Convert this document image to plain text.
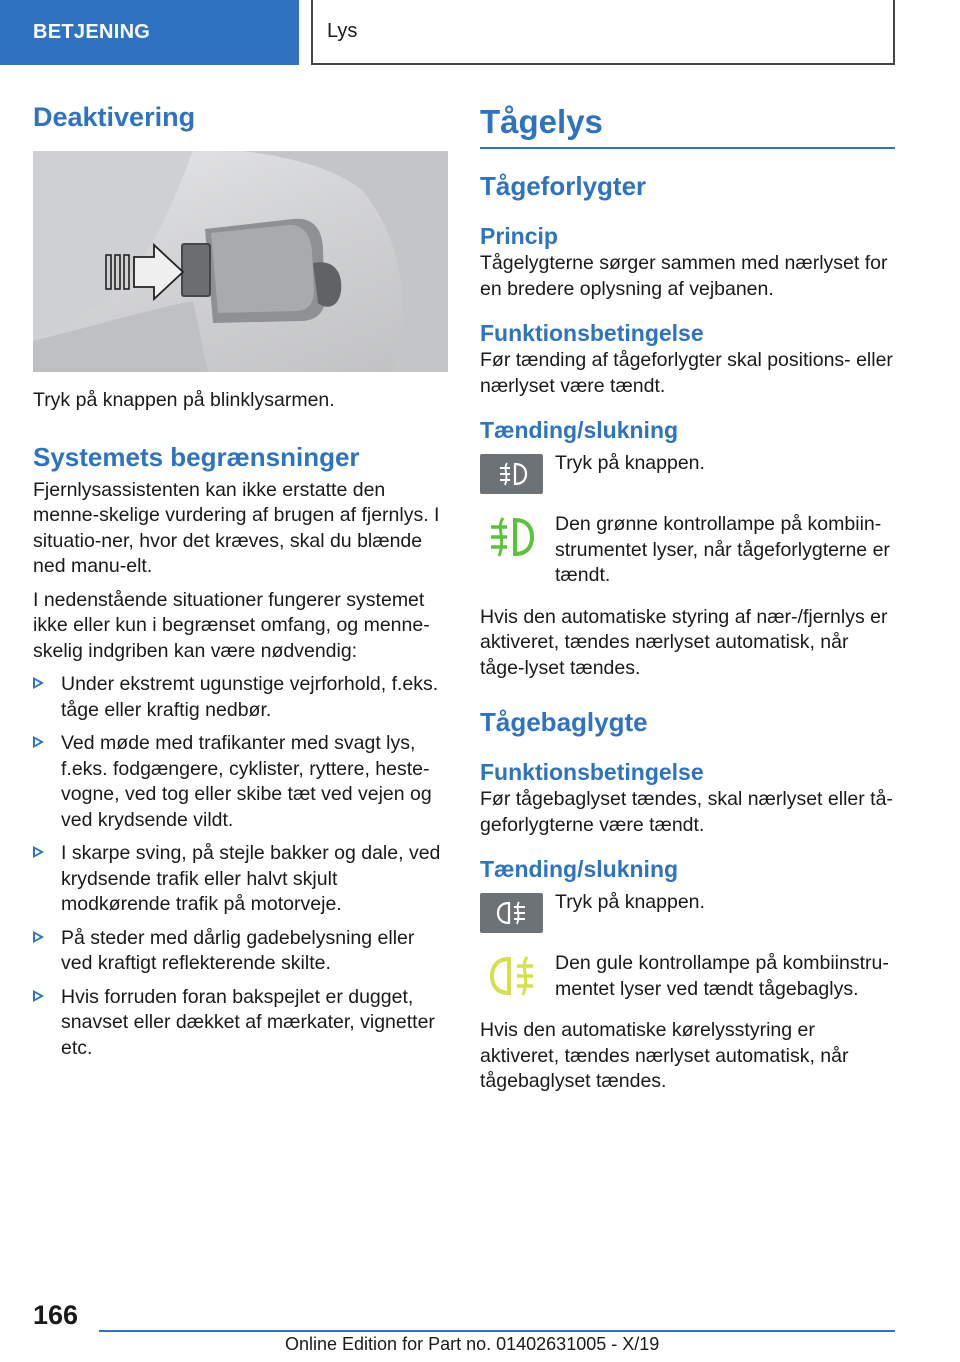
BETJENING	Lys
Deaktivering

Tryk på knappen på blinklysarmen.

Systemets begrænsninger

Fjernlysassistenten kan ikke erstatte den menne-skelige vurdering af brugen af fjernlys. I situatio-ner, hvor det kræves, skal du blænde ned manu-elt.

I nedenstående situationer fungerer systemet ikke eller kun i begrænset omfang, og menne-skelig indgriben kan være nødvendig:

Under ekstremt ugunstige vejrforhold, f.eks. tåge eller kraftig nedbør.
Ved møde med trafikanter med svagt lys, f.eks. fodgængere, cyklister, ryttere, heste-vogne, ved tog eller skibe tæt ved vejen og ved krydsende vildt.
I skarpe sving, på stejle bakker og dale, ved krydsende trafik eller halvt skjult modkørende trafik på motorveje.
På steder med dårlig gadebelysning eller ved kraftigt reflekterende skilte.
Hvis forruden foran bakspejlet er dugget, snavset eller dækket af mærkater, vignetter etc.
Tågelys
Tågeforlygter
Princip

Tågelygterne sørger sammen med nærlyset for en bredere oplysning af vejbanen.

Funktionsbetingelse

Før tænding af tågeforlygter skal positions- eller nærlyset være tændt.

Tænding/slukning

Tryk på knappen.

Den grønne kontrollampe på kombiin-strumentet lyser, når tågeforlygterne er tændt.

Hvis den automatiske styring af nær-/fjernlys er aktiveret, tændes nærlyset automatisk, når tåge-lyset tændes.

Tågebaglygte
Funktionsbetingelse

Før tågebaglyset tændes, skal nærlyset eller tå-geforlygterne være tændt.

Tænding/slukning

Tryk på knappen.

Den gule kontrollampe på kombiinstru-mentet lyser ved tændt tågebaglys.

Hvis den automatiske kørelysstyring er aktiveret, tændes nærlyset automatisk, når tågebaglyset tændes.

166
Online Edition for Part no. 01402631005 - X/19
